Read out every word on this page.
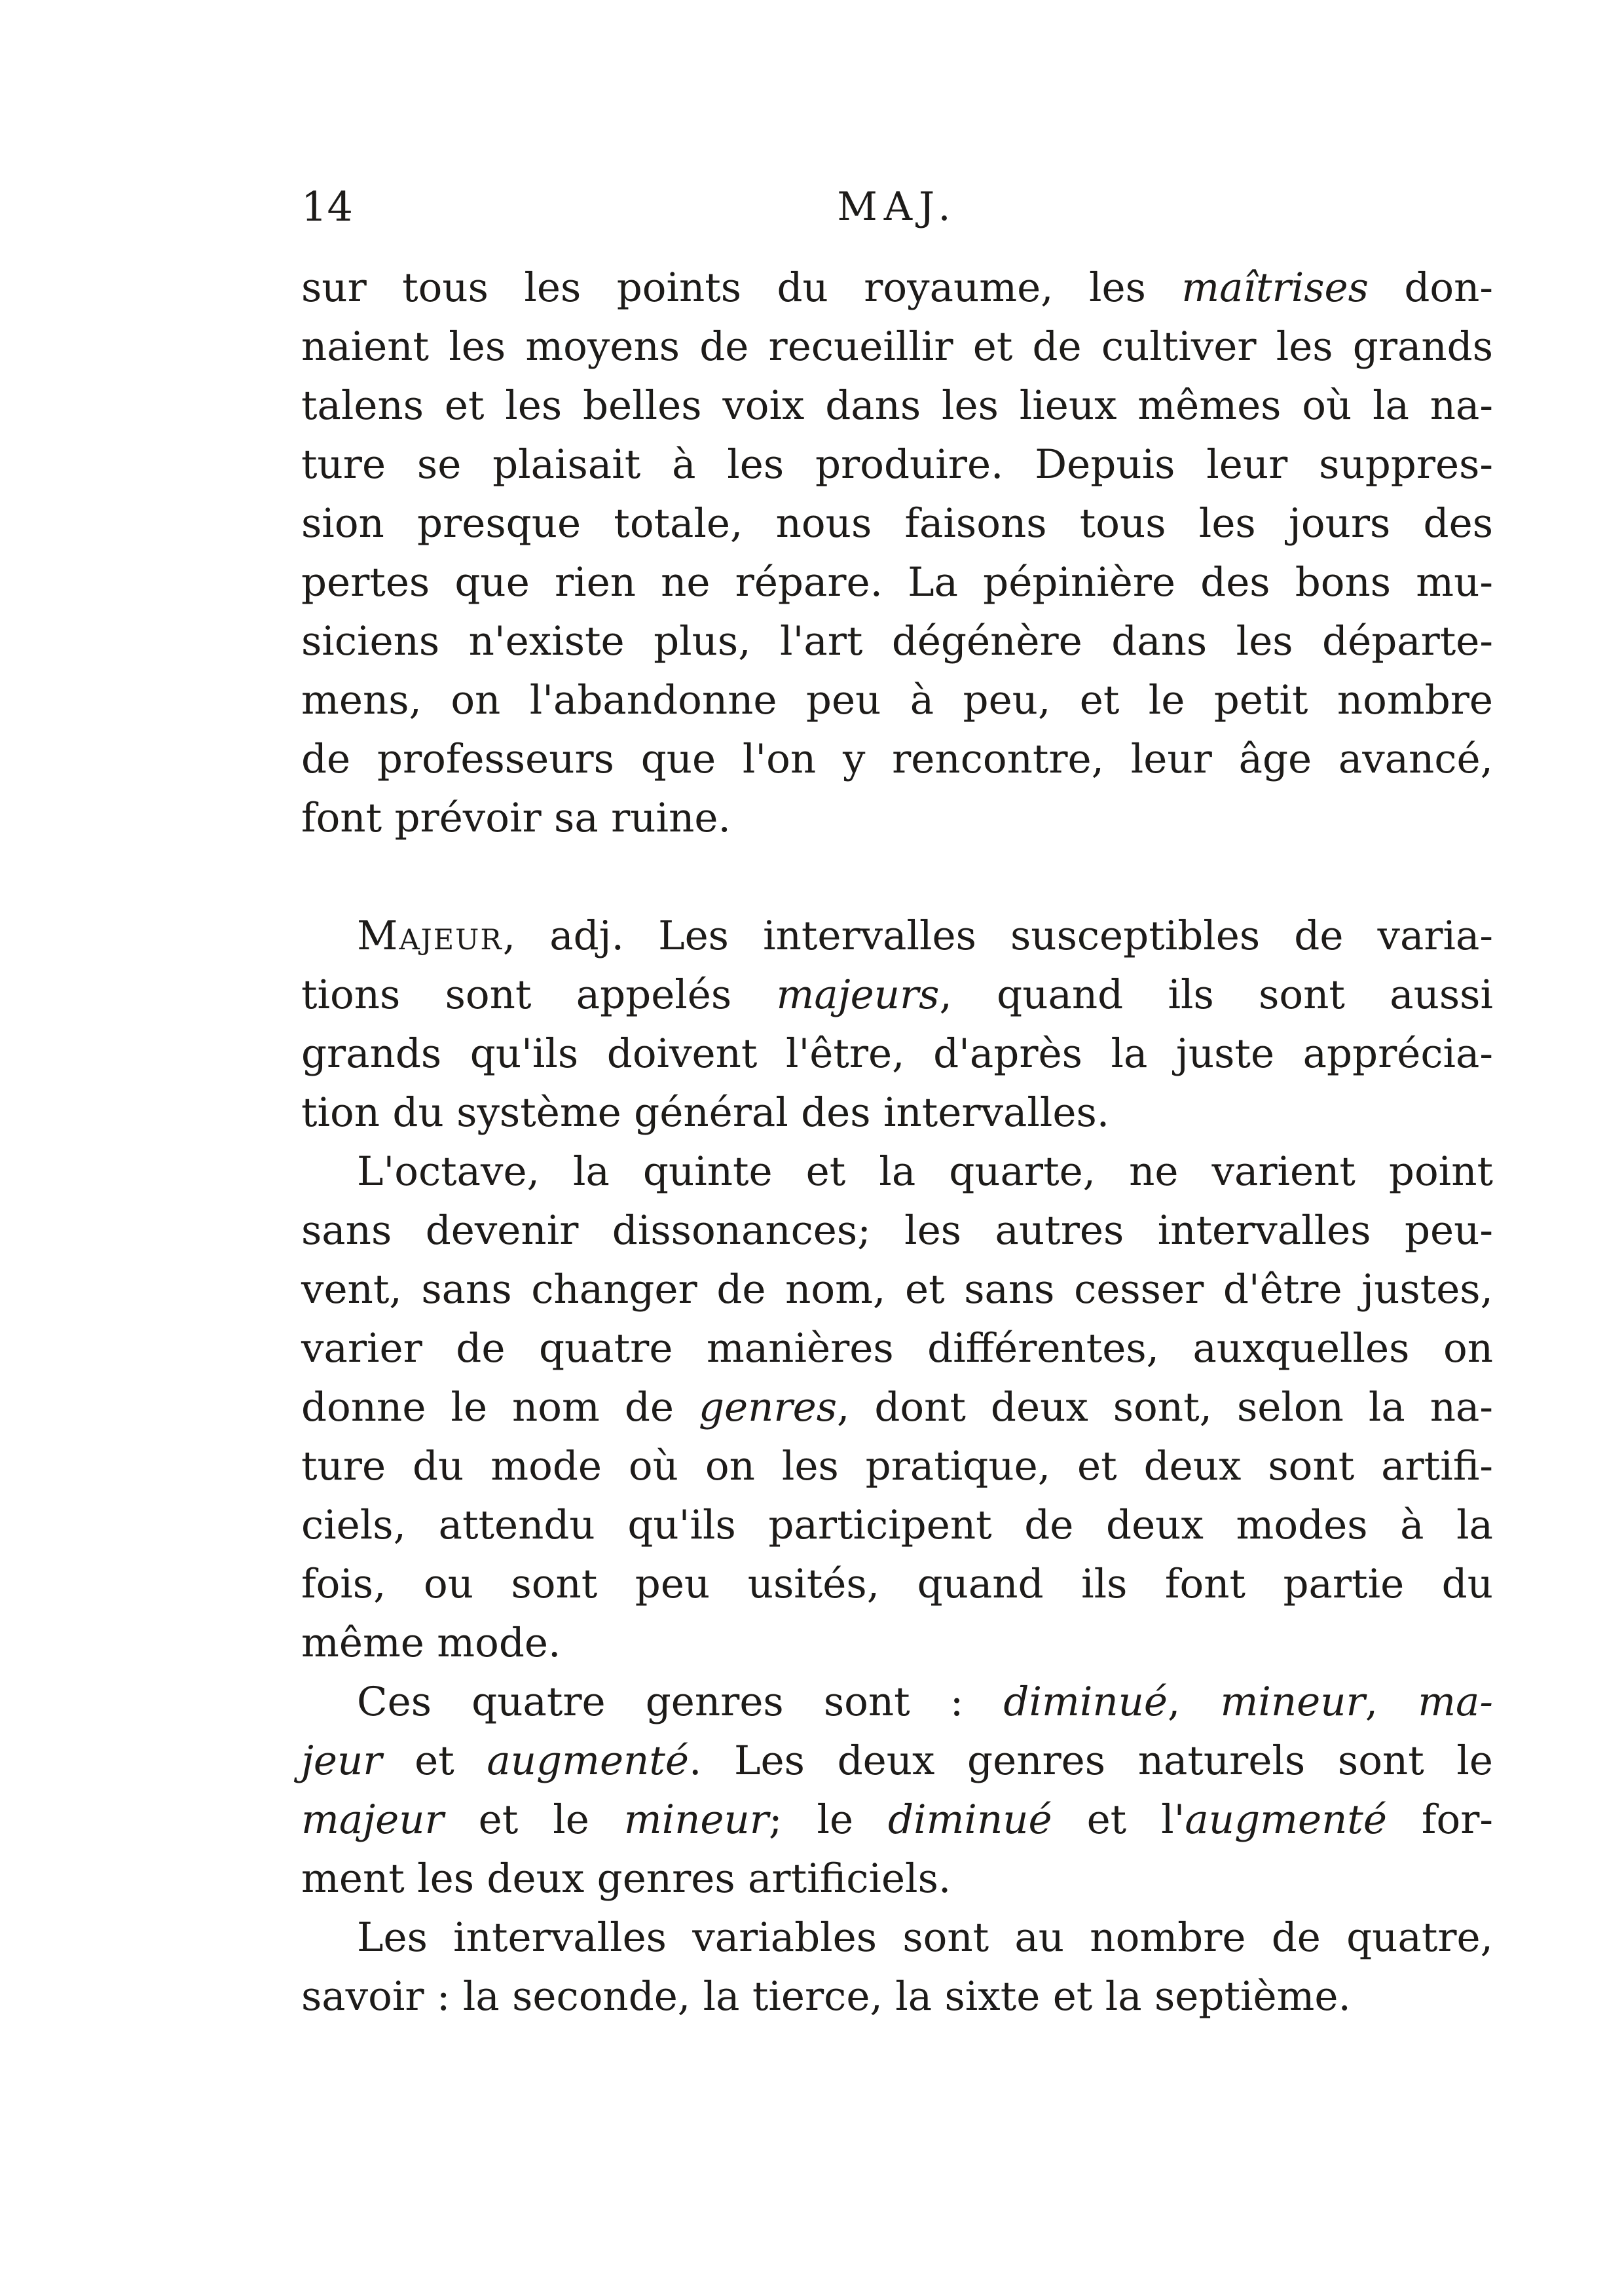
14	MAJ.

sur tous les points du royaume, les maîtrises don-
naient les moyens de recueillir et de cultiver les grands
talens et les belles voix dans les lieux mêmes où la na-
ture se plaisait à les produire. Depuis leur suppres-
sion presque totale, nous faisons tous les jours des
pertes que rien ne répare. La pépinière des bons mu-
siciens n'existe plus, l'art dégénère dans les départe-
mens, on l'abandonne peu à peu, et le petit nombre
de professeurs que l'on y rencontre, leur âge avancé,
font prévoir sa ruine.

Majeur, adj. Les intervalles susceptibles de varia-
tions sont appelés majeurs, quand ils sont aussi
grands qu'ils doivent l'être, d'après la juste apprécia-
tion du système général des intervalles.

L'octave, la quinte et la quarte, ne varient point
sans devenir dissonances; les autres intervalles peu-
vent, sans changer de nom, et sans cesser d'être justes,
varier de quatre manières différentes, auxquelles on
donne le nom de genres, dont deux sont, selon la na-
ture du mode où on les pratique, et deux sont artifi-
ciels, attendu qu'ils participent de deux modes à la
fois, ou sont peu usités, quand ils font partie du
même mode.

Ces quatre genres sont : diminué, mineur, ma-
jeur et augmenté. Les deux genres naturels sont le
majeur et le mineur; le diminué et l'augmenté for-
ment les deux genres artificiels.

Les intervalles variables sont au nombre de quatre,
savoir : la seconde, la tierce, la sixte et la septième.
